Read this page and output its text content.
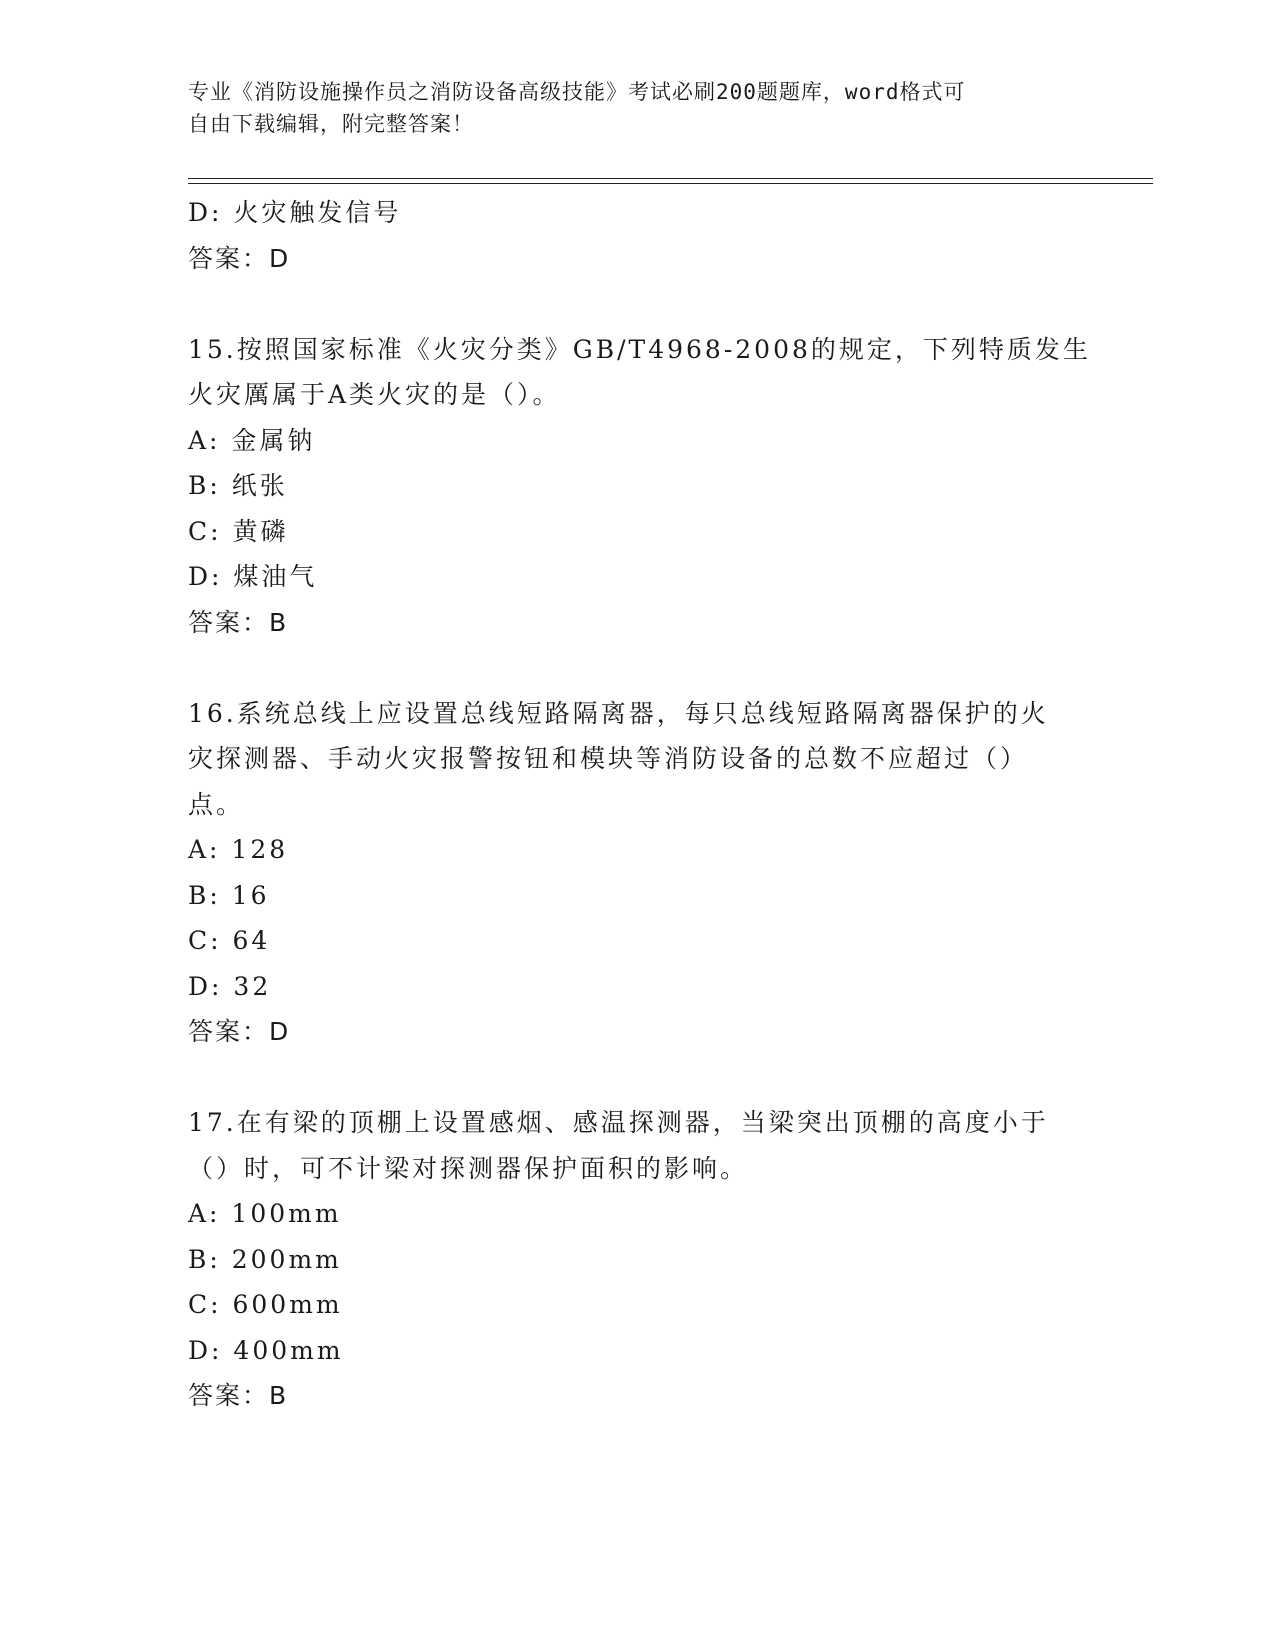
专业《消防设施操作员之消防设备高级技能》考试必刷200题题库，word格式可
自由下载编辑，附完整答案！
D: 火灾触发信号
答案：D
15.按照国家标准《火灾分类》GB/T4968-2008的规定，下列特质发生
火灾厲属于A类火灾的是（）。
A: 金属钠
B: 纸张
C: 黄磷
D: 煤油气
答案：B
16.系统总线上应设置总线短路隔离器，每只总线短路隔离器保护的火
灾探测器、手动火灾报警按钮和模块等消防设备的总数不应超过（）
点。
A: 128
B: 16
C: 64
D: 32
答案：D
17.在有梁的顶棚上设置感烟、感温探测器，当梁突出顶棚的高度小于
（）时，可不计梁对探测器保护面积的影响。
A: 100mm
B: 200mm
C: 600mm
D: 400mm
答案：B
